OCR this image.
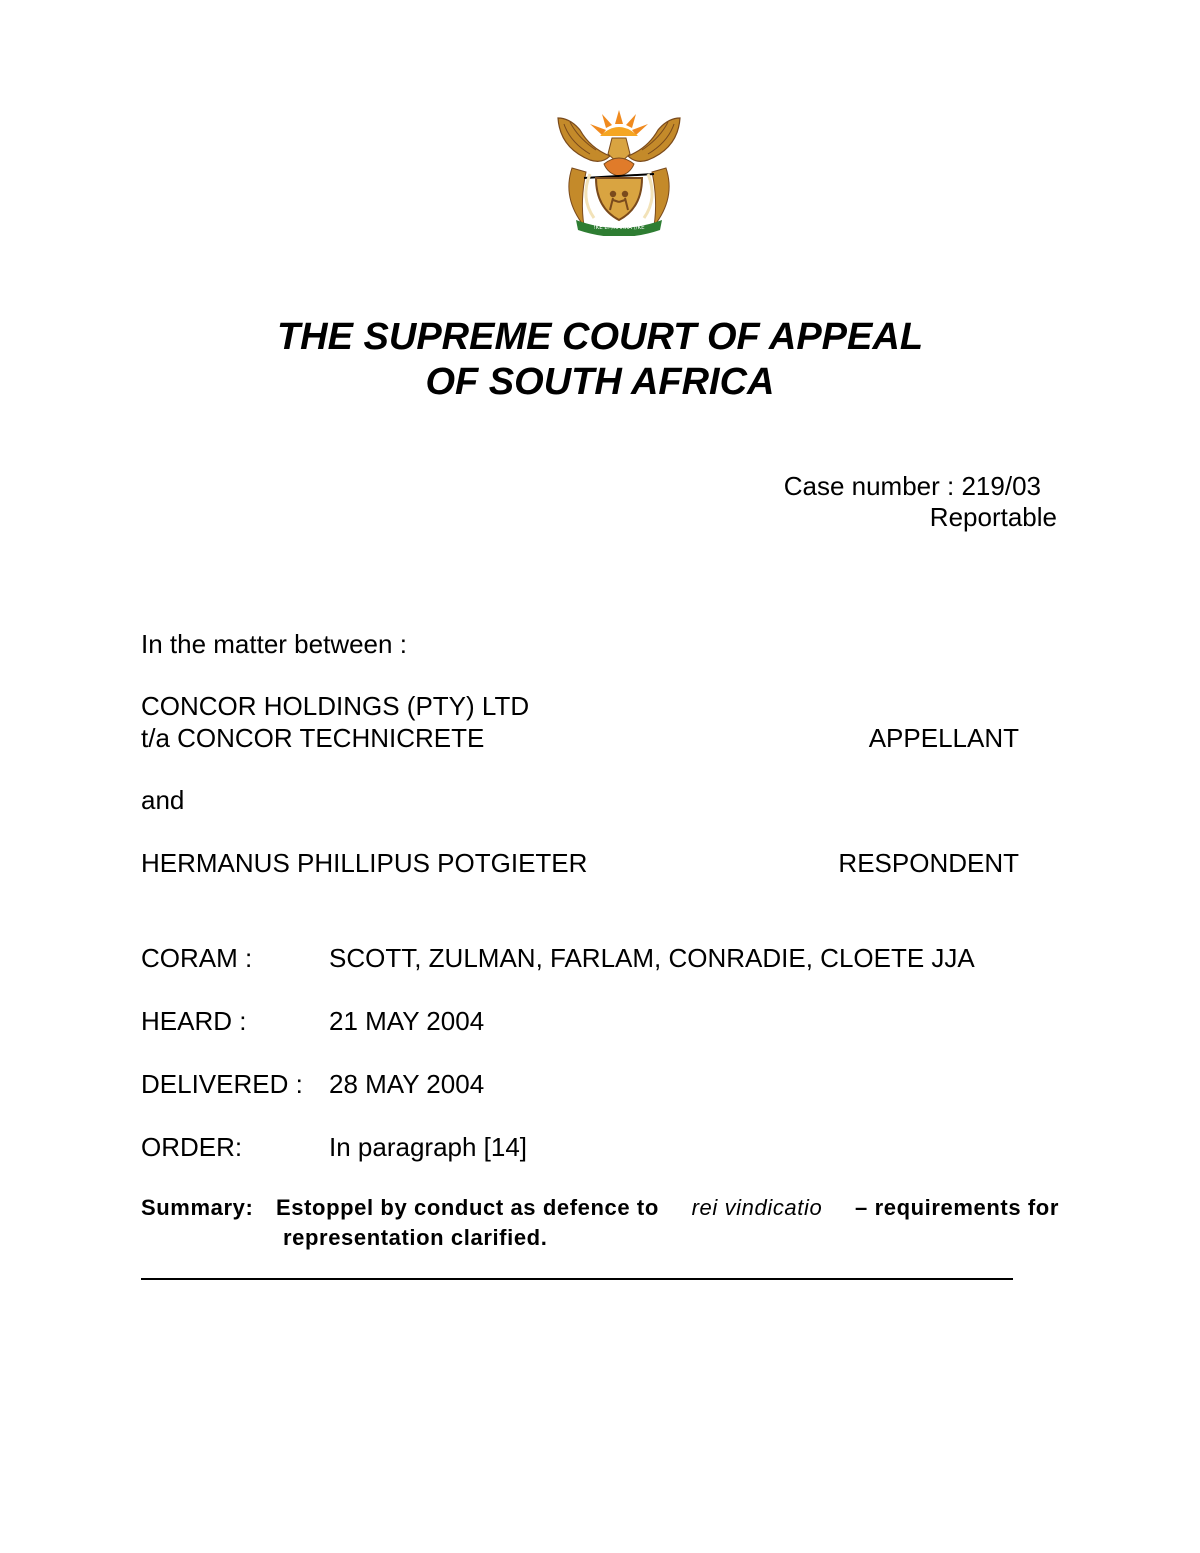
!KE E: /XARRA //KE
THE SUPREME COURT OF APPEAL
OF SOUTH AFRICA
Case number : 219/03
Reportable
In the matter between :
CONCOR HOLDINGS (PTY) LTD
t/a CONCOR TECHNICRETE	APPELLANT
and
HERMANUS PHILLIPUS POTGIETER	RESPONDENT
CORAM :	SCOTT, ZULMAN, FARLAM, CONRADIE, CLOETE JJA
HEARD :	21 MAY 2004
DELIVERED : 28 MAY 2004
ORDER:	In paragraph [14]
Summary: Estoppel by conduct as defence to rei vindicatio – requirements for
representation clarified.
